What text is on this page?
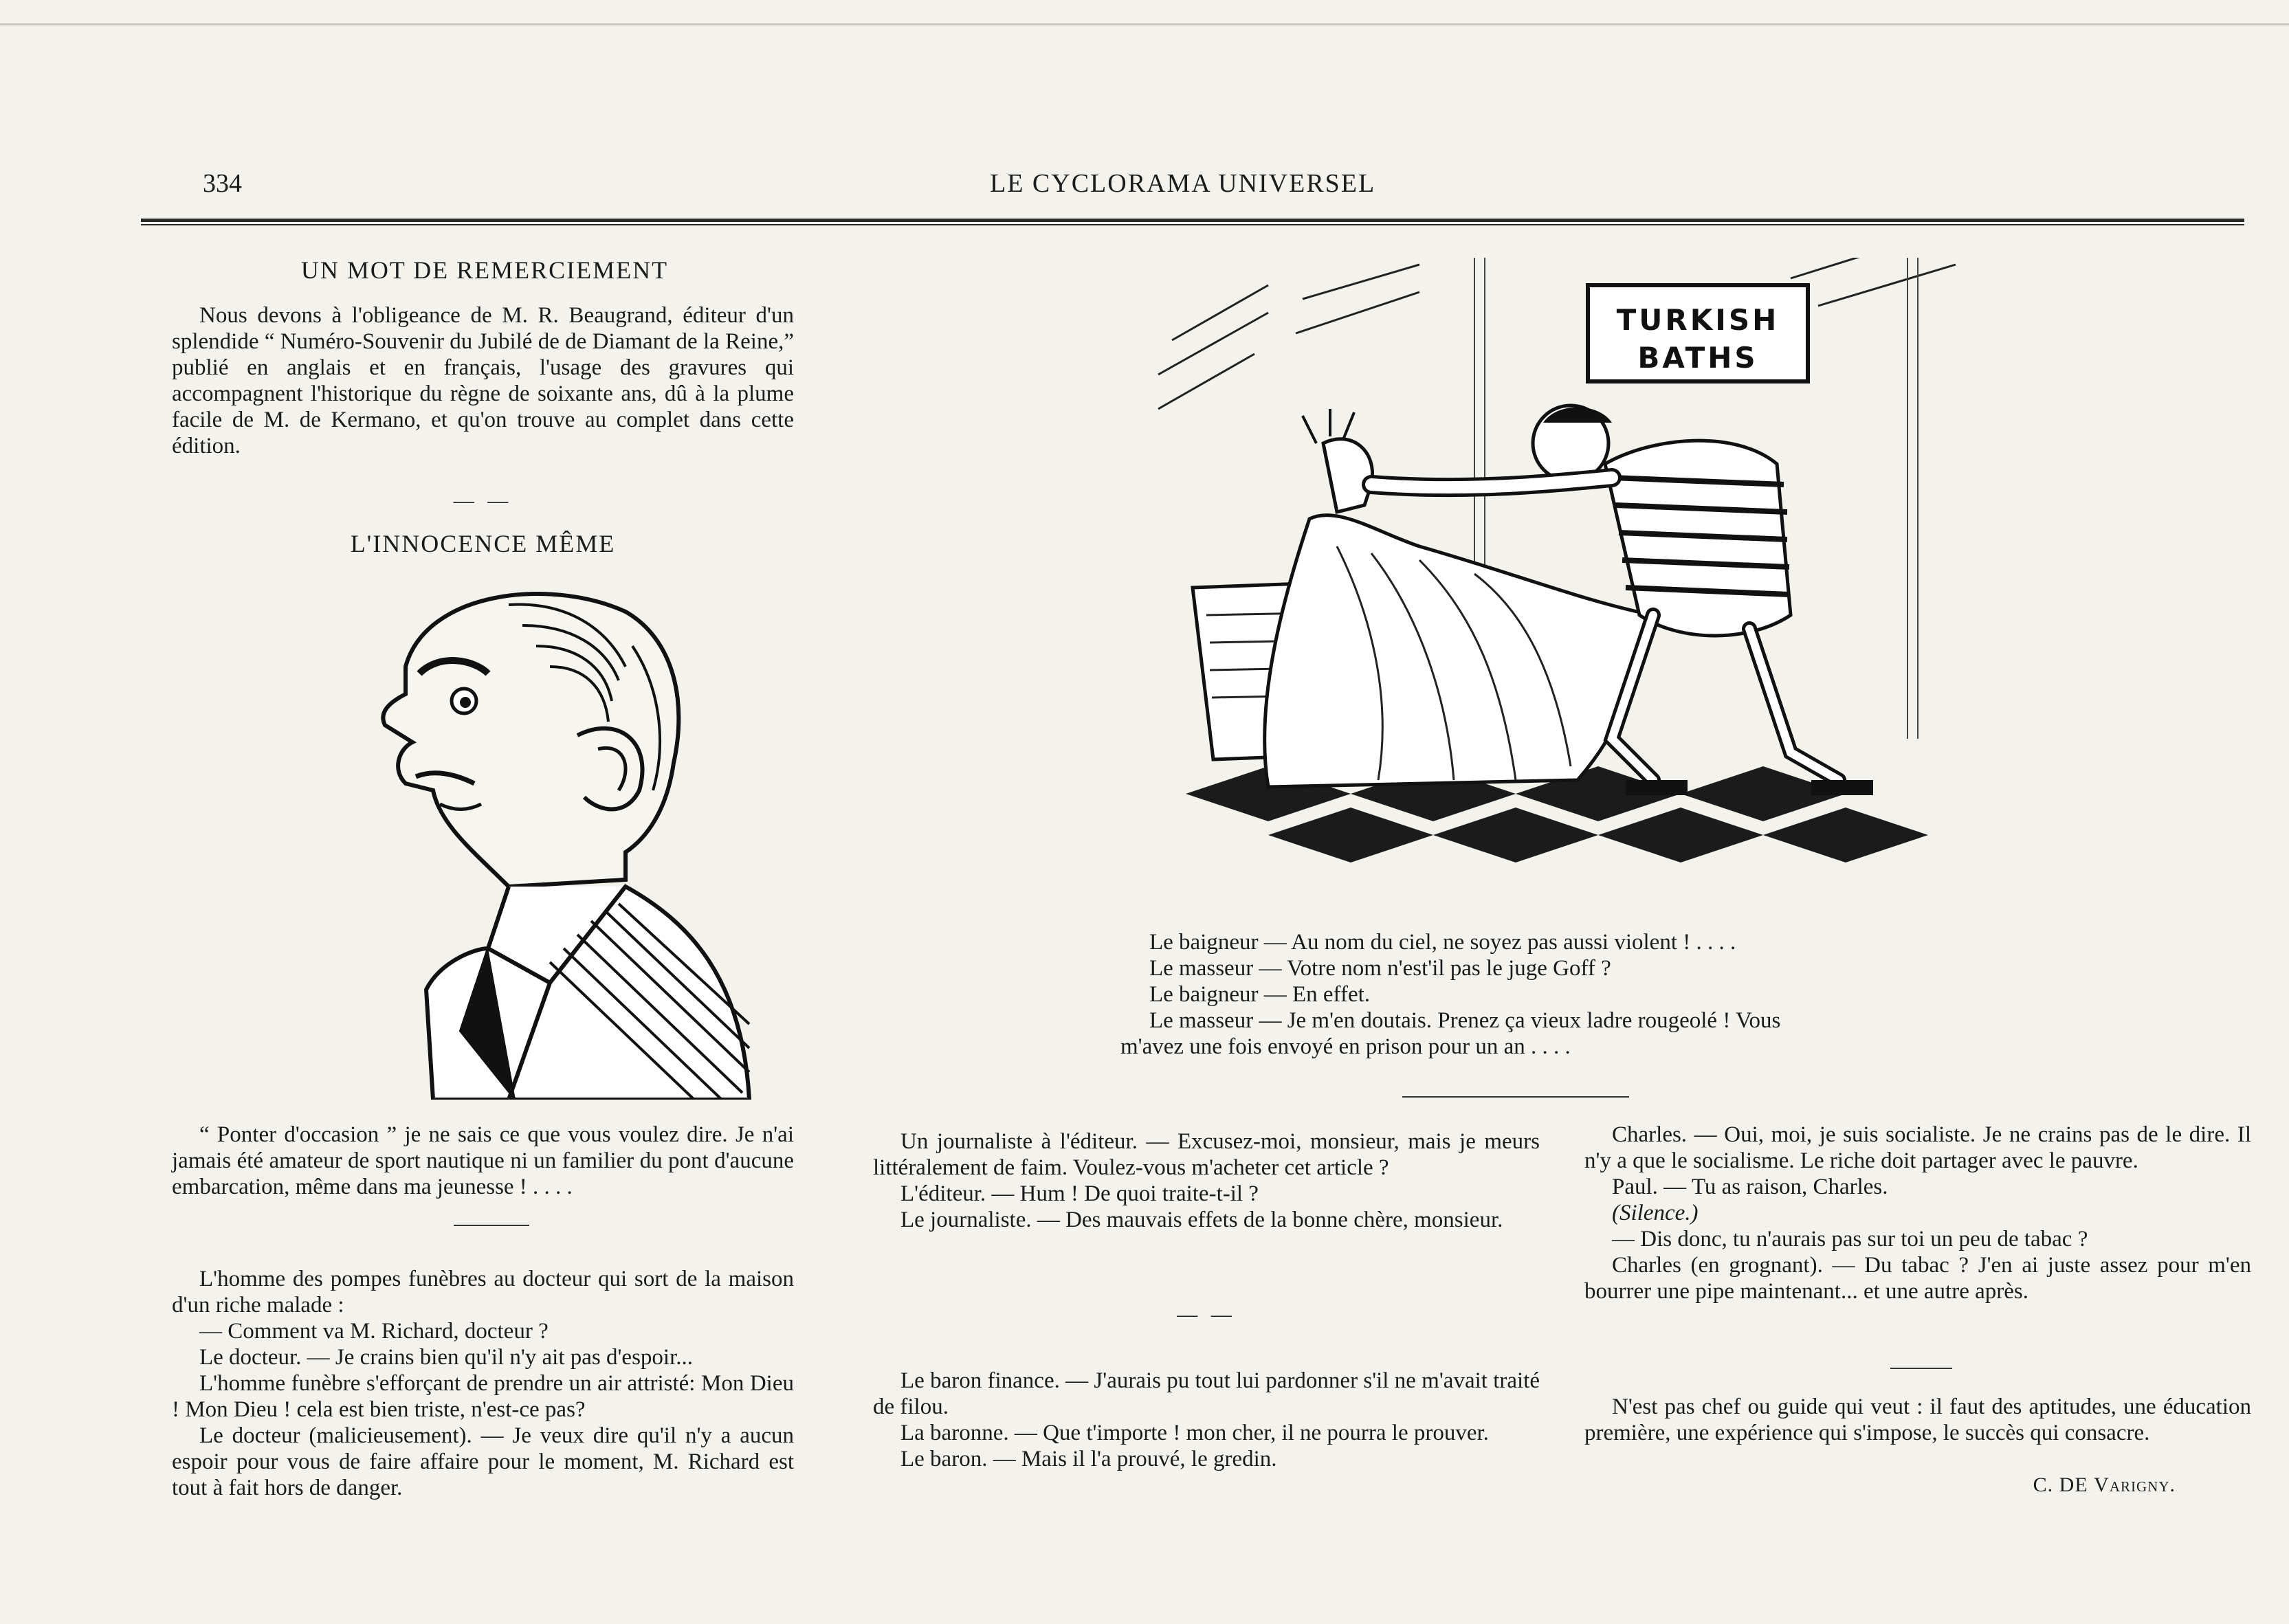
334	LE CYCLORAMA UNIVERSEL
UN MOT DE REMERCIEMENT

Nous devons à l'obligeance de M. R. Beaugrand, éditeur d'un splendide “ Numéro-Souvenir du Jubilé de de Diamant de la Reine,” publié en anglais et en français, l'usage des gravures qui accompagnent l'historique du règne de soixante ans, dû à la plume facile de M. de Kermano, et qu'on trouve au complet dans cette édition.

— —
L'INNOCENCE MÊME

“ Ponter d'occasion ” je ne sais ce que vous voulez dire. Je n'ai jamais été amateur de sport nautique ni un familier du pont d'aucune embarcation, même dans ma jeunesse ! . . . .

L'homme des pompes funèbres au docteur qui sort de la maison d'un riche malade :

— Comment va M. Richard, docteur ?

Le docteur. — Je crains bien qu'il n'y ait pas d'espoir...

L'homme funèbre s'efforçant de prendre un air attristé: Mon Dieu ! Mon Dieu ! cela est bien triste, n'est-ce pas?

Le docteur (malicieusement). — Je veux dire qu'il n'y a aucun espoir pour vous de faire affaire pour le moment, M. Richard est tout à fait hors de danger.

TURKISH
BATHS

Le baigneur — Au nom du ciel, ne soyez pas aussi violent ! . . . .

Le masseur — Votre nom n'est'il pas le juge Goff ?

Le baigneur — En effet.

Le masseur — Je m'en doutais. Prenez ça vieux ladre rougeolé ! Vous

m'avez une fois envoyé en prison pour un an . . . .

Un journaliste à l'éditeur. — Excusez-moi, monsieur, mais je meurs littéralement de faim. Voulez-vous m'acheter cet article ?

L'éditeur. — Hum ! De quoi traite-t-il ?

Le journaliste. — Des mauvais effets de la bonne chère, monsieur.

— —

Le baron finance. — J'aurais pu tout lui pardonner s'il ne m'avait traité de filou.

La baronne. — Que t'importe ! mon cher, il ne pourra le prouver.

Le baron. — Mais il l'a prouvé, le gredin.

Charles. — Oui, moi, je suis socialiste. Je ne crains pas de le dire. Il n'y a que le socialisme. Le riche doit partager avec le pauvre.

Paul. — Tu as raison, Charles.

(Silence.)

— Dis donc, tu n'aurais pas sur toi un peu de tabac ?

Charles (en grognant). — Du tabac ? J'en ai juste assez pour m'en bourrer une pipe maintenant... et une autre après.

N'est pas chef ou guide qui veut : il faut des aptitudes, une éducation première, une expérience qui s'impose, le succès qui consacre.

C. DE Varigny.
